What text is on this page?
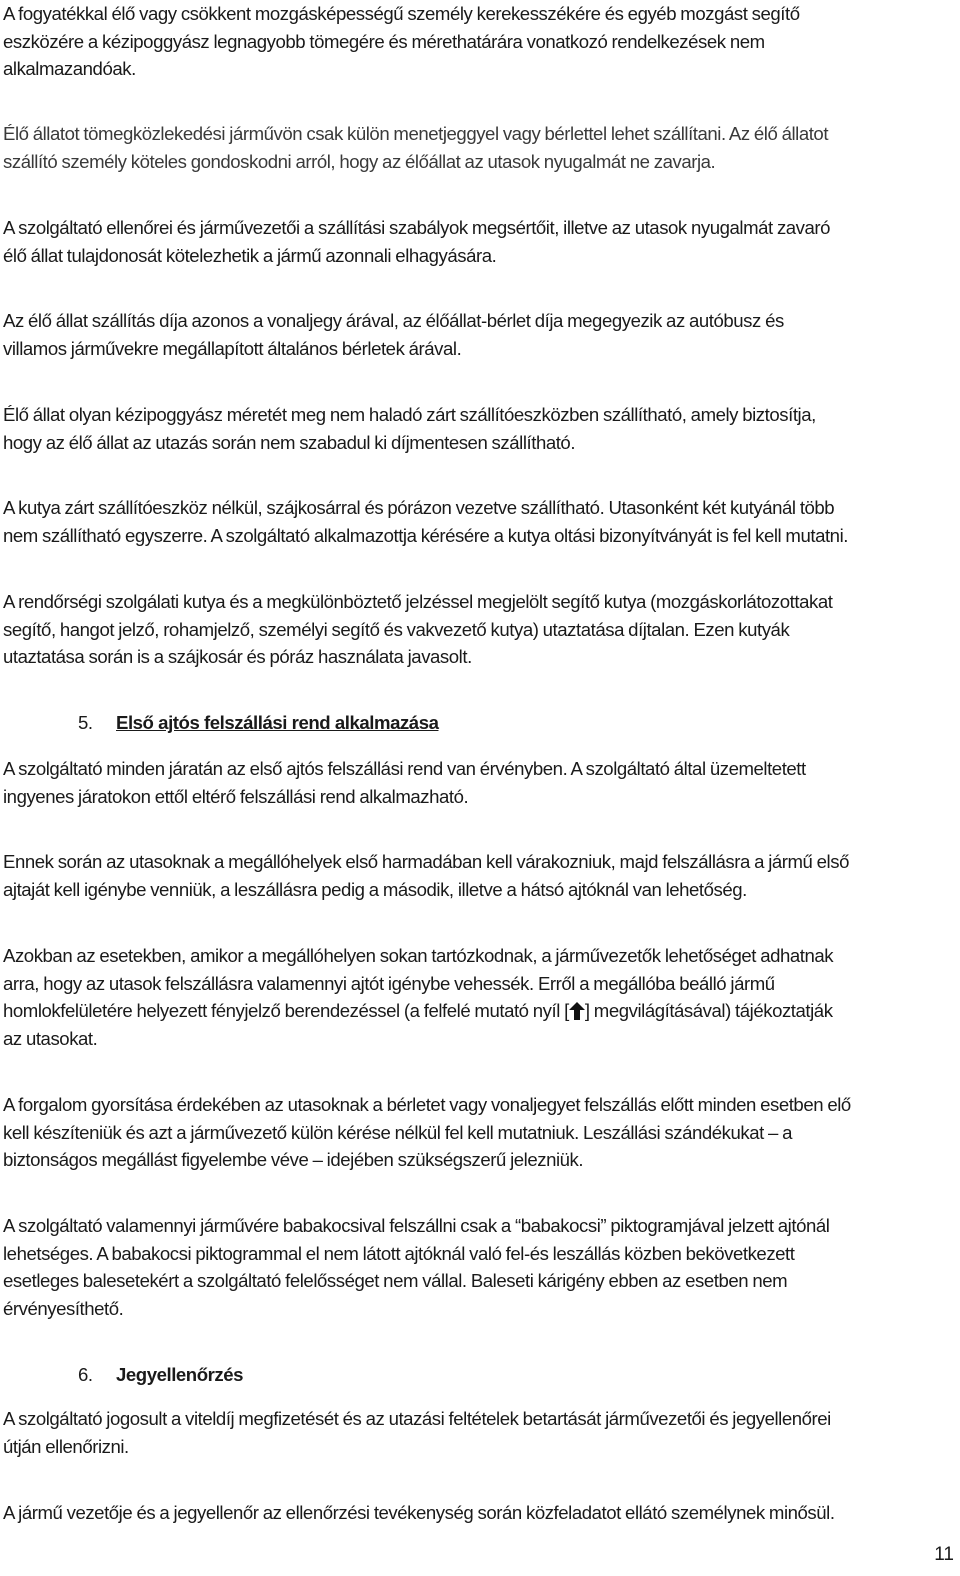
A fogyatékkal élő vagy csökkent mozgásképességű személy kerekesszékére és egyéb mozgást segítő
eszközére a kézipoggyász legnagyobb tömegére és mérethatárára vonatkozó rendelkezések nem
alkalmazandóak.

Élő állatot tömegközlekedési járművön csak külön menetjeggyel vagy bérlettel lehet szállítani. Az élő állatot
szállító személy köteles gondoskodni arról, hogy az élőállat az utasok nyugalmát ne zavarja.

A szolgáltató ellenőrei és járművezetői a szállítási szabályok megsértőit, illetve az utasok nyugalmát zavaró
élő állat tulajdonosát kötelezhetik a jármű azonnali elhagyására.

Az élő állat szállítás díja azonos a vonaljegy árával, az élőállat-bérlet díja megegyezik az autóbusz és
villamos járművekre megállapított általános bérletek árával.

Élő állat olyan kézipoggyász méretét meg nem haladó zárt szállítóeszközben szállítható, amely biztosítja,
hogy az élő állat az utazás során nem szabadul ki díjmentesen szállítható.

A kutya zárt szállítóeszköz nélkül, szájkosárral és pórázon vezetve szállítható. Utasonként két kutyánál több
nem szállítható egyszerre. A szolgáltató alkalmazottja kérésére a kutya oltási bizonyítványát is fel kell mutatni.

A rendőrségi szolgálati kutya és a megkülönböztető jelzéssel megjelölt segítő kutya (mozgáskorlátozottakat
segítő, hangot jelző, rohamjelző, személyi segítő és vakvezető kutya) utaztatása díjtalan. Ezen kutyák
utaztatása során is a szájkosár és póráz használata javasolt.

5. Első ajtós felszállási rend alkalmazása

A szolgáltató minden járatán az első ajtós felszállási rend van érvényben. A szolgáltató által üzemeltetett
ingyenes járatokon ettől eltérő felszállási rend alkalmazható.

Ennek során az utasoknak a megállóhelyek első harmadában kell várakozniuk, majd felszállásra a jármű első
ajtaját kell igénybe venniük, a leszállásra pedig a második, illetve a hátsó ajtóknál van lehetőség.

Azokban az esetekben, amikor a megállóhelyen sokan tartózkodnak, a járművezetők lehetőséget adhatnak
arra, hogy az utasok felszállásra valamennyi ajtót igénybe vehessék. Erről a megállóba beálló jármű
homlokfelületére helyezett fényjelző berendezéssel (a felfelé mutató nyíl [ ] megvilágításával) tájékoztatják
az utasokat.

A forgalom gyorsítása érdekében az utasoknak a bérletet vagy vonaljegyet felszállás előtt minden esetben elő
kell készíteniük és azt a járművezető külön kérése nélkül fel kell mutatniuk. Leszállási szándékukat – a
biztonságos megállást figyelembe véve – idejében szükségszerű jelezniük.

A szolgáltató valamennyi járművére babakocsival felszállni csak a “babakocsi” piktogramjával jelzett ajtónál
lehetséges. A babakocsi piktogrammal el nem látott ajtóknál való fel-és leszállás közben bekövetkezett
esetleges balesetekért a szolgáltató felelősséget nem vállal. Baleseti kárigény ebben az esetben nem
érvényesíthető.

6. Jegyellenőrzés

A szolgáltató jogosult a viteldíj megfizetését és az utazási feltételek betartását járművezetői és jegyellenőrei
útján ellenőrizni.

A jármű vezetője és a jegyellenőr az ellenőrzési tevékenység során közfeladatot ellátó személynek minősül.

11
